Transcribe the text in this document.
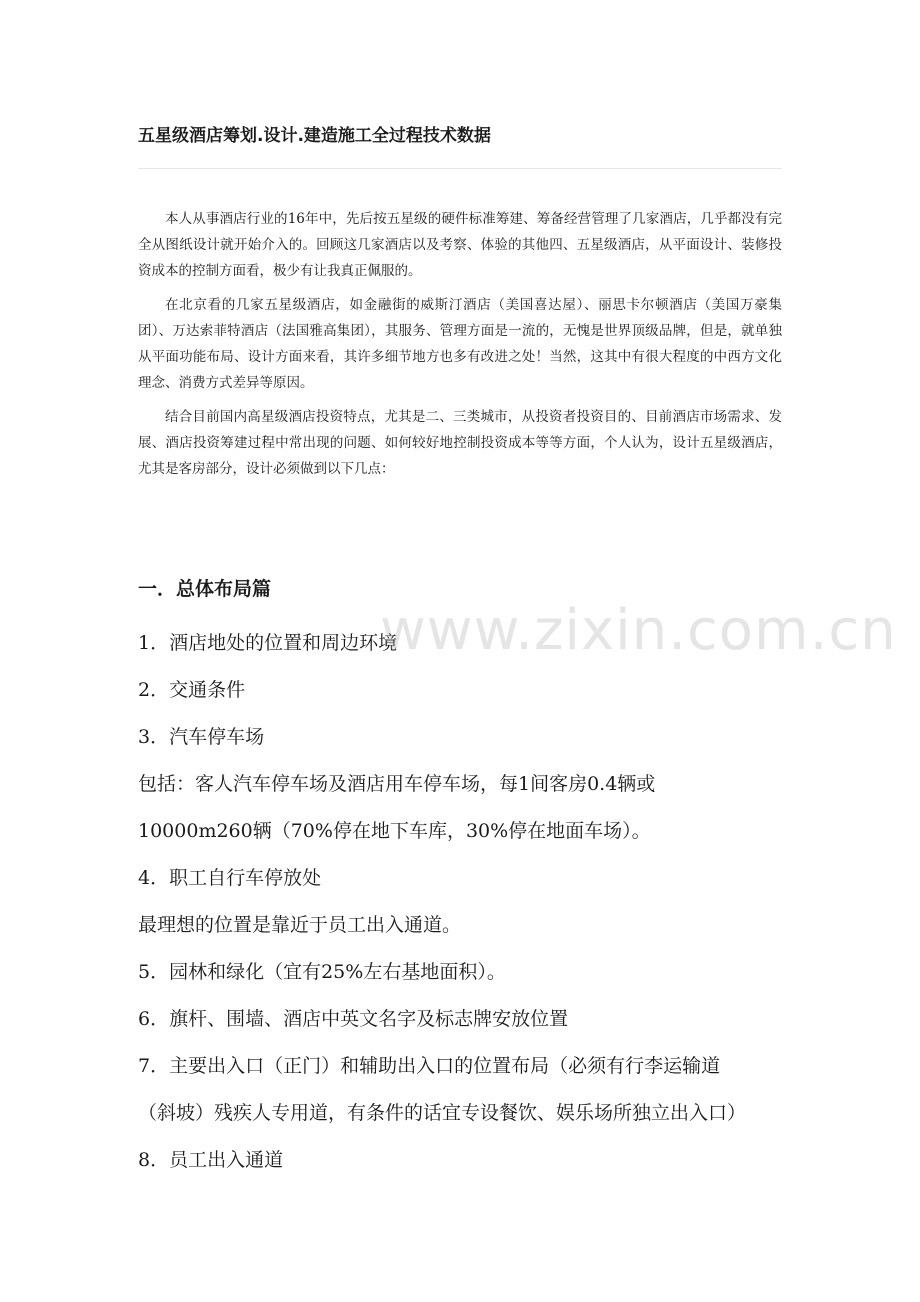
五星级酒店筹划.设计.建造施工全过程技术数据

本人从事酒店行业的16年中，先后按五星级的硬件标准筹建、筹备经营管理了几家酒店，几乎都没有完全从图纸设计就开始介入的。回顾这几家酒店以及考察、体验的其他四、五星级酒店，从平面设计、装修投资成本的控制方面看，极少有让我真正佩服的。

在北京看的几家五星级酒店，如金融街的威斯汀酒店（美国喜达屋）、丽思卡尔顿酒店（美国万豪集团）、万达索菲特酒店（法国雅高集团），其服务、管理方面是一流的，无愧是世界顶级品牌，但是，就单独从平面功能布局、设计方面来看，其许多细节地方也多有改进之处！当然，这其中有很大程度的中西方文化理念、消费方式差异等原因。

结合目前国内高星级酒店投资特点，尤其是二、三类城市，从投资者投资目的、目前酒店市场需求、发展、酒店投资筹建过程中常出现的问题、如何较好地控制投资成本等等方面，个人认为，设计五星级酒店，尤其是客房部分，设计必须做到以下几点：

一．总体布局篇
1．酒店地处的位置和周边环境
2．交通条件
3．汽车停车场
包括：客人汽车停车场及酒店用车停车场，每1间客房0.4辆或
10000m260辆（70%停在地下车库，30%停在地面车场）。
4．职工自行车停放处
最理想的位置是靠近于员工出入通道。
5．园林和绿化（宜有25%左右基地面积）。
6．旗杆、围墙、酒店中英文名字及标志牌安放位置
7．主要出入口（正门）和辅助出入口的位置布局（必须有行李运输道
（斜坡）残疾人专用道，有条件的话宜专设餐饮、娱乐场所独立出入口）
8．员工出入通道
www.zixin.com.cn
